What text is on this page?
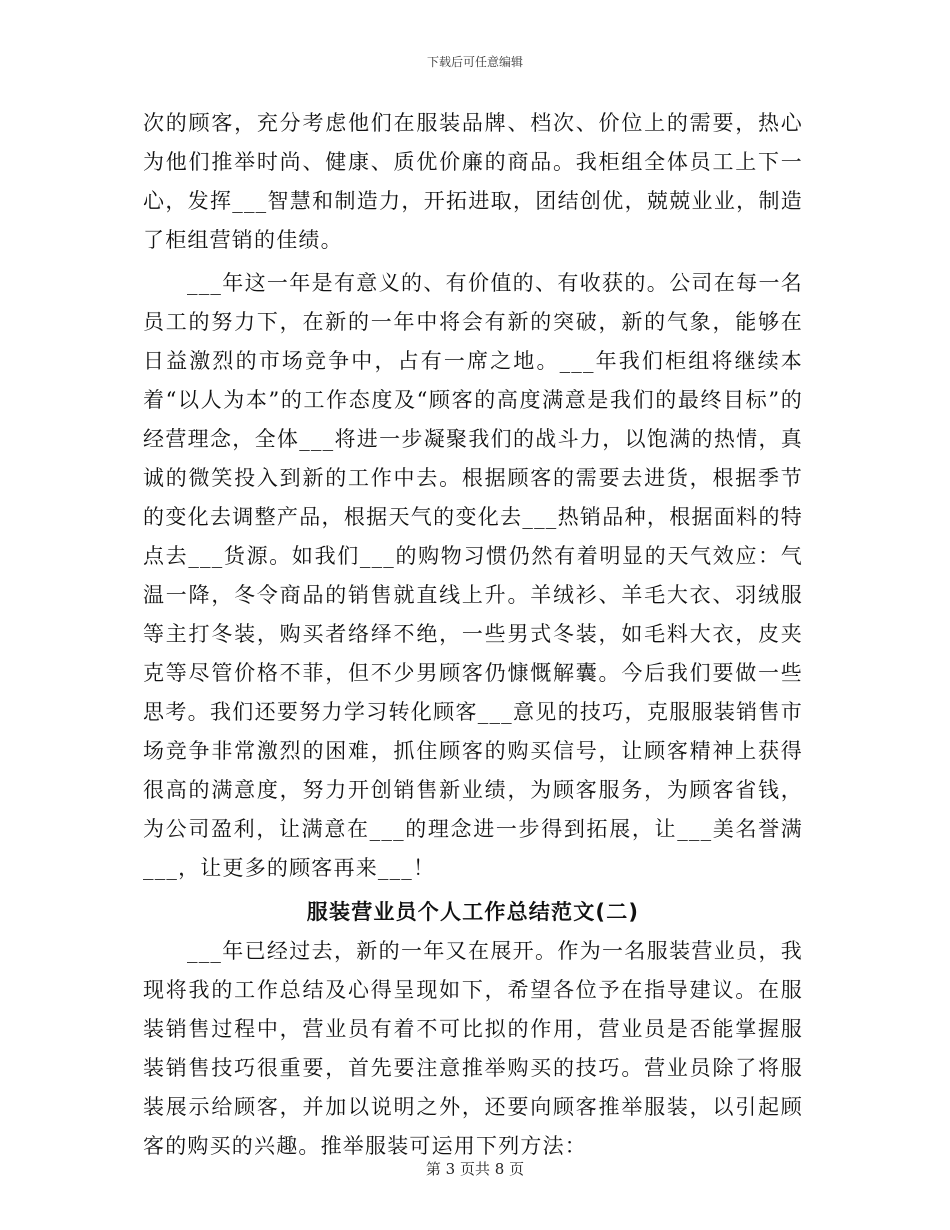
下载后可任意编辑

次的顾客，充分考虑他们在服装品牌、档次、价位上的需要，热心为他们推举时尚、健康、质优价廉的商品。我柜组全体员工上下一心，发挥___智慧和制造力，开拓进取，团结创优，兢兢业业，制造了柜组营销的佳绩。

___年这一年是有意义的、有价值的、有收获的。公司在每一名员工的努力下，在新的一年中将会有新的突破，新的气象，能够在日益激烈的市场竞争中，占有一席之地。___年我们柜组将继续本着“以人为本”的工作态度及“顾客的高度满意是我们的最终目标”的经营理念，全体___将进一步凝聚我们的战斗力，以饱满的热情，真诚的微笑投入到新的工作中去。根据顾客的需要去进货，根据季节的变化去调整产品，根据天气的变化去___热销品种，根据面料的特点去___货源。如我们___的购物习惯仍然有着明显的天气效应：气温一降，冬令商品的销售就直线上升。羊绒衫、羊毛大衣、羽绒服等主打冬装，购买者络绎不绝，一些男式冬装，如毛料大衣，皮夹克等尽管价格不菲，但不少男顾客仍慷慨解囊。今后我们要做一些思考。我们还要努力学习转化顾客___意见的技巧，克服服装销售市场竞争非常激烈的困难，抓住顾客的购买信号，让顾客精神上获得很高的满意度，努力开创销售新业绩，为顾客服务，为顾客省钱，为公司盈利，让满意在___的理念进一步得到拓展，让___美名誉满___，让更多的顾客再来___！

服装营业员个人工作总结范文(二)

___年已经过去，新的一年又在展开。作为一名服装营业员，我现将我的工作总结及心得呈现如下，希望各位予在指导建议。在服装销售过程中，营业员有着不可比拟的作用，营业员是否能掌握服装销售技巧很重要，首先要注意推举购买的技巧。营业员除了将服装展示给顾客，并加以说明之外，还要向顾客推举服装，以引起顾客的购买的兴趣。推举服装可运用下列方法：

第 3 页共 8 页
